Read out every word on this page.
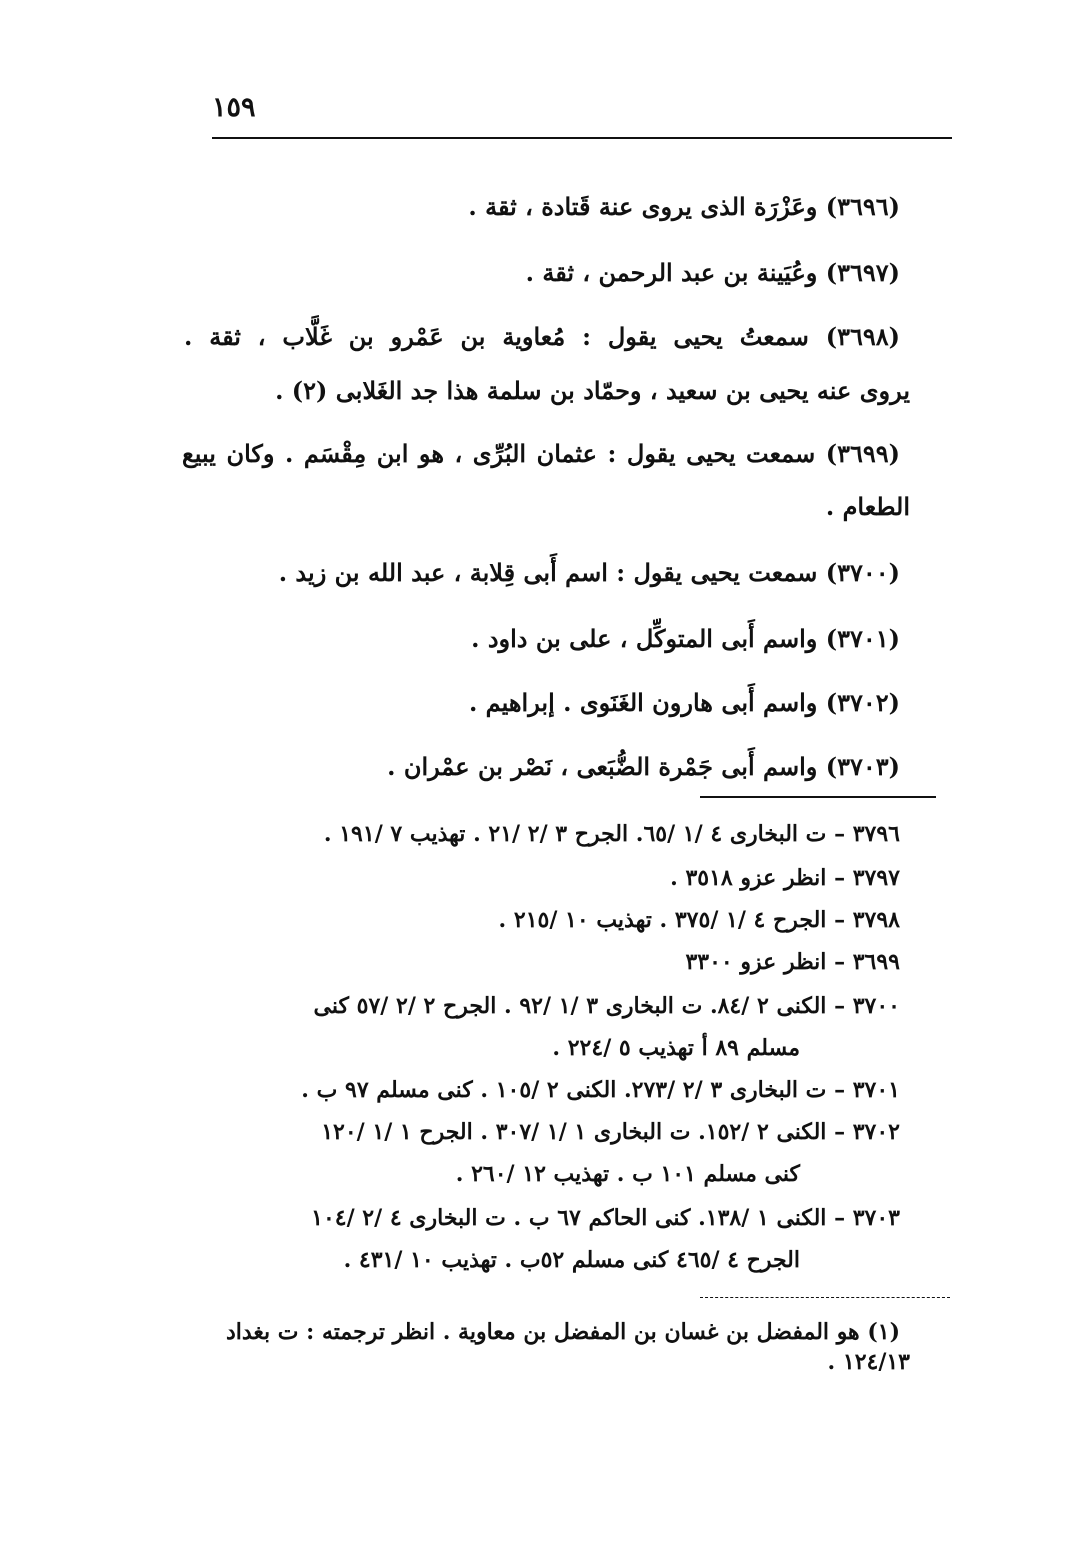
١٥٩
(٣٦٩٦) وعَزْرَة الذى يروى عنة قَتادة ، ثقة .
(٣٦٩٧) وعُيَينة بن عبد الرحمن ، ثقة .
(٣٦٩٨) سمعتُ يحيى يقول : مُعاوية بن عَمْرو بن غَلَّاب ، ثقة .
يروى عنه يحيى بن سعيد ، وحمّاد بن سلمة هذا جد الغَلابى (٢) .
(٣٦٩٩) سمعت يحيى يقول : عثمان البُرِّى ، هو ابن مِقْسَم . وكان يبيع
الطعام .
(٣٧٠٠) سمعت يحيى يقول : اسم أَبى قِلابة ، عبد الله بن زيد .
(٣٧٠١) واسم أَبى المتوكِّل ، على بن داود .
(٣٧٠٢) واسم أَبى هارون الغَنَوى . إبراهيم .
(٣٧٠٣) واسم أَبى جَمْرة الضُّبَعى ، نَصْر بن عمْران .
٣٧٩٦ – ت البخارى ٤ /١ /٦٥. الجرح ٣ /٢ /٢١ . تهذيب ٧ /١٩١ .
٣٧٩٧ – انظر عزو ٣٥١٨ .
٣٧٩٨ – الجرح ٤ /١ /٣٧٥ . تهذيب ١٠ /٢١٥ .
٣٦٩٩ – انظر عزو ٣٣٠٠
٣٧٠٠ – الكنى ٢ /٨٤. ت البخارى ٣ /١ /٩٢ . الجرح ٢ /٢ /٥٧ كنى
مسلم ٨٩ أ تهذيب ٥ /٢٢٤ .
٣٧٠١ – ت البخارى ٣ /٢ /٢٧٣. الكنى ٢ /١٠٥ . كنى مسلم ٩٧ ب .
٣٧٠٢ – الكنى ٢ /١٥٢. ت البخارى ١ /١ /٣٠٧ . الجرح ١ /١ /١٢٠
كنى مسلم ١٠١ ب . تهذيب ١٢ /٢٦٠ .
٣٧٠٣ – الكنى ١ /١٣٨. كنى الحاكم ٦٧ ب . ت البخارى ٤ /٢ /١٠٤
الجرح ٤ /٤٦٥ كنى مسلم ٥٢ب . تهذيب ١٠ /٤٣١ .
(١) هو المفضل بن غسان بن المفضل بن معاوية . انظر ترجمته : ت بغداد
١٢٤/١٣ .
